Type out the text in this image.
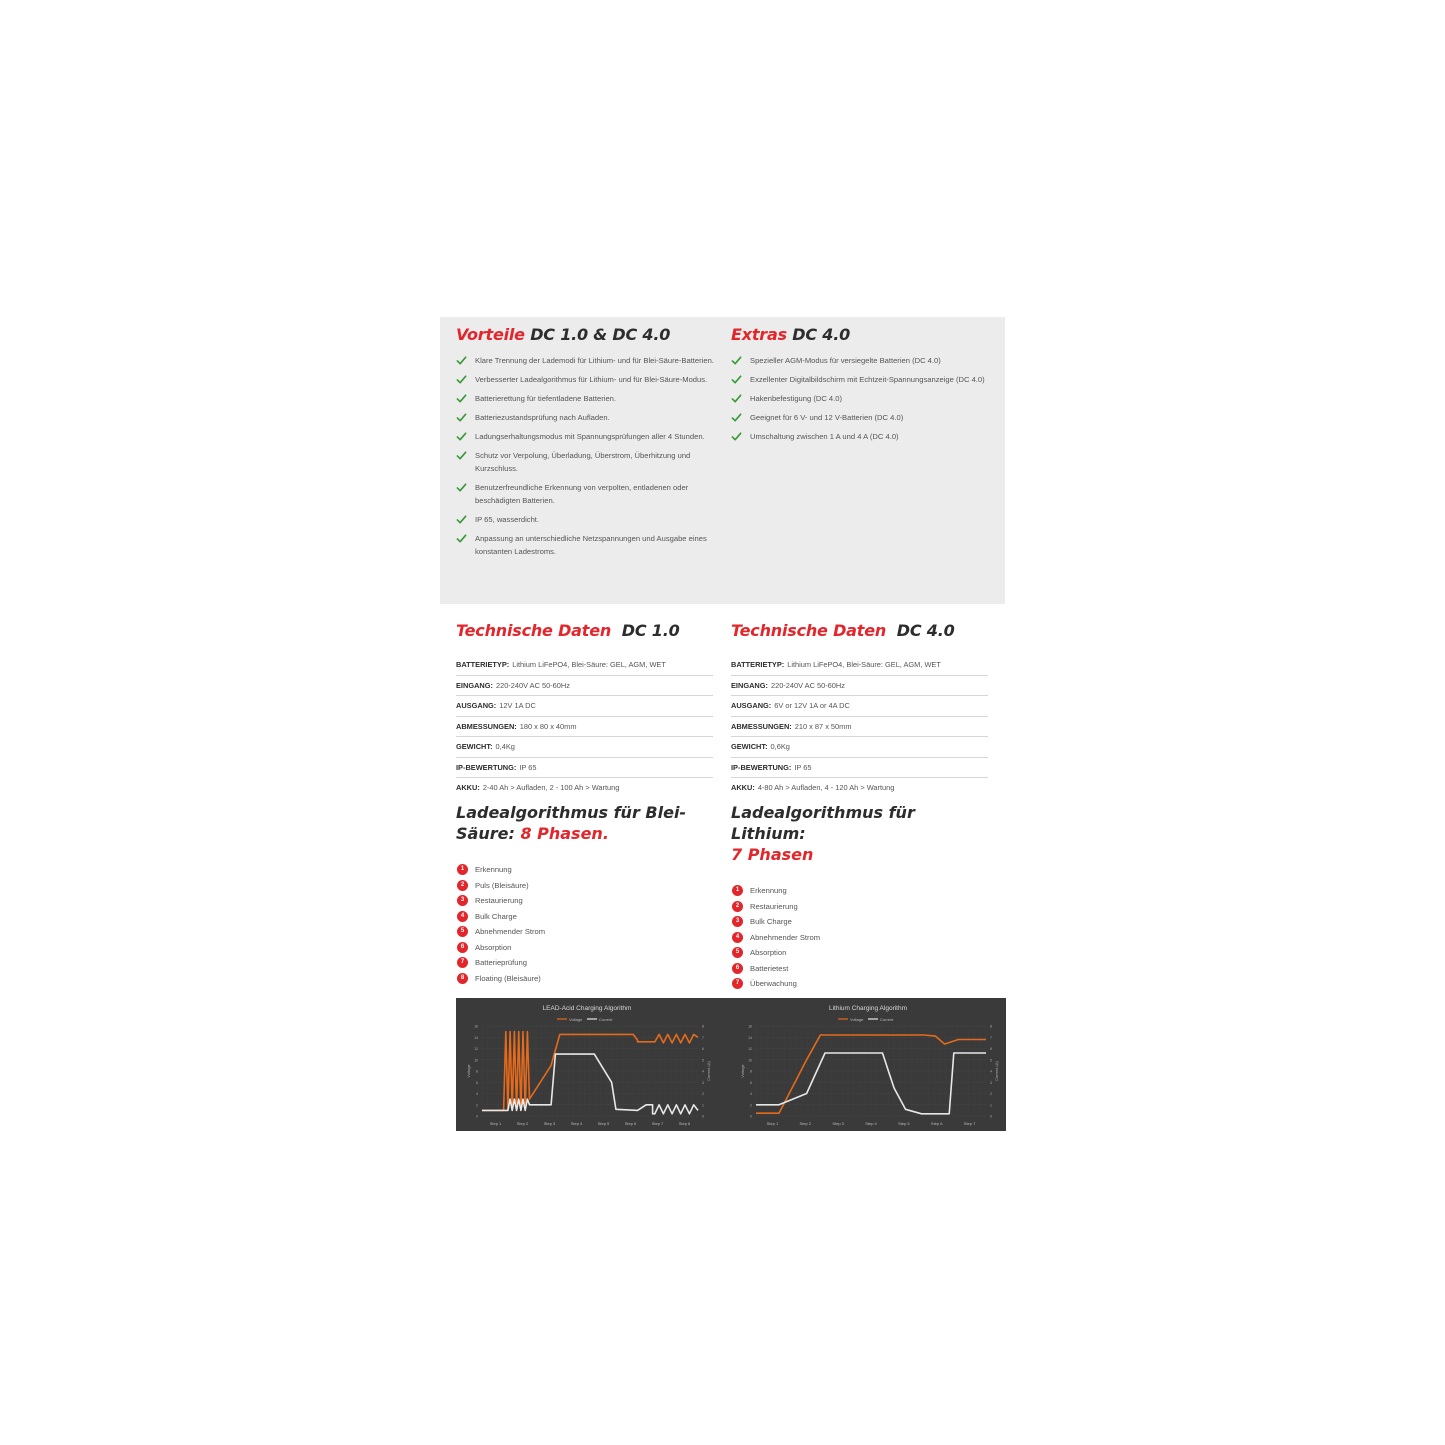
Vorteile DC 1.0 & DC 4.0
Klare Trennung der Lademodi für Lithium- und für Blei-Säure-Batterien.
Verbesserter Ladealgorithmus für Lithium- und für Blei-Säure-Modus.
Batterierettung für tiefentladene Batterien.
Batteriezustandsprüfung nach Aufladen.
Ladungserhaltungsmodus mit Spannungsprüfungen aller 4 Stunden.
Schutz vor Verpolung, Überladung, Überstrom, Überhitzung und Kurzschluss.
Benutzerfreundliche Erkennung von verpolten, entladenen oder beschädigten Batterien.
IP 65, wasserdicht.
Anpassung an unterschiedliche Netzspannungen und Ausgabe eines konstanten Ladestroms.
Extras DC 4.0
Spezieller AGM-Modus für versiegelte Batterien (DC 4.0)
Exzellenter Digitalbildschirm mit Echtzeit-Spannungsanzeige (DC 4.0)
Hakenbefestigung (DC 4.0)
Geeignet für 6 V- und 12 V-Batterien (DC 4.0)
Umschaltung zwischen 1 A und 4 A (DC 4.0)
Technische Daten DC 1.0
BATTERIETYP: Lithium LiFePO4, Blei-Säure: GEL, AGM, WET
EINGANG: 220-240V AC 50-60Hz
AUSGANG: 12V 1A DC
ABMESSUNGEN: 180 x 80 x 40mm
GEWICHT: 0,4Kg
IP-BEWERTUNG: IP 65
AKKU: 2-40 Ah > Aufladen, 2 - 100 Ah > Wartung
Technische Daten DC 4.0
BATTERIETYP: Lithium LiFePO4, Blei-Säure: GEL, AGM, WET
EINGANG: 220-240V AC 50-60Hz
AUSGANG: 6V or 12V 1A or 4A DC
ABMESSUNGEN: 210 x 87 x 50mm
GEWICHT: 0,6Kg
IP-BEWERTUNG: IP 65
AKKU: 4-80 Ah > Aufladen, 4 - 120 Ah > Wartung
Ladealgorithmus für Blei-Säure: 8 Phasen.
1	Erkennung
2	Puls (Bleisäure)
3	Restaurierung
4	Bulk Charge
5	Abnehmender Strom
6	Absorption
7	Batterieprüfung
8	Floating (Bleisäure)
Ladealgorithmus für Lithium:
7 Phasen
1	Erkennung
2	Restaurierung
3	Bulk Charge
4	Abnehmender Strom
5	Absorption
6	Batterietest
7	Überwachung
LEAD-Acid Charging Algorithm
Voltage	Current
0
2
4
6
8
10
12
14
16
0
1
2
3
4
5
6
7
8
Voltage	Current (A)
Step 1	Step 2	Step 3	Step 4	Step 5	Step 6	Step 7	Step 8
Lithium Charging Algorithm
Voltage	Current
0
2
4
6
8
10
12
14
16
0
1
2
3
4
5
6
7
8
Voltage	Current (A)
Step 1	Step 2	Step 3	Step 4	Step 5	Step 6	Step 7
